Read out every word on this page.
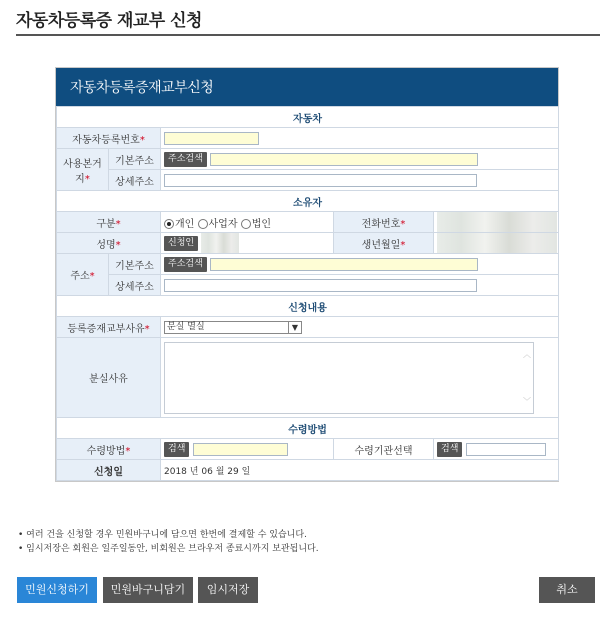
자동차등록증 재교부 신청
자동차등록증재교부신청
자동차				
자동차등록번호*				
사용본거지*	기본주소	주소검색		
	상세주소			
소유자				
구분*		개인 사업자 법인	전화번호*	
성명*		신청인	생년월일*	
주소*	기본주소	주소검색		
	상세주소			
신청내용				
등록증재교부사유*		분실 멸실 ▼		

분실사유		︿
﹀		

수령방법				
수령방법*		검색	수령기관선택	검색
신청일		2018 년 06 월 29 일		
• 여러 건을 신청할 경우 민원바구니에 담으면 한번에 결제할 수 있습니다.
• 임시저장은 회원은 일주일동안, 비회원은 브라우저 종료시까지 보관됩니다.
민원신청하기	민원바구니담기	임시저장	취소
